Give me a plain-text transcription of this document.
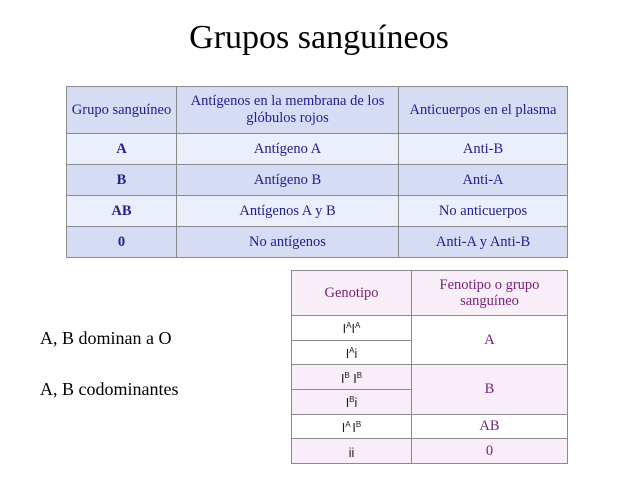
Grupos sanguíneos
Grupo sanguíneo	Antígenos en la membrana de los glóbulos rojos	Anticuerpos en el plasma
A	Antígeno A	Anti-B
B	Antígeno B	Anti-A
AB	Antígenos A y B	No anticuerpos
0	No antígenos	Anti-A y Anti-B
A, B dominan a O
A, B codominantes
Genotipo	Fenotipo o grupo sanguíneo
$I^AI^A$	A
$I^Ai$	
$I^B$ $I^B$	B
$I^Bi$	
$I^A$ $I^B$	AB
ii	0
